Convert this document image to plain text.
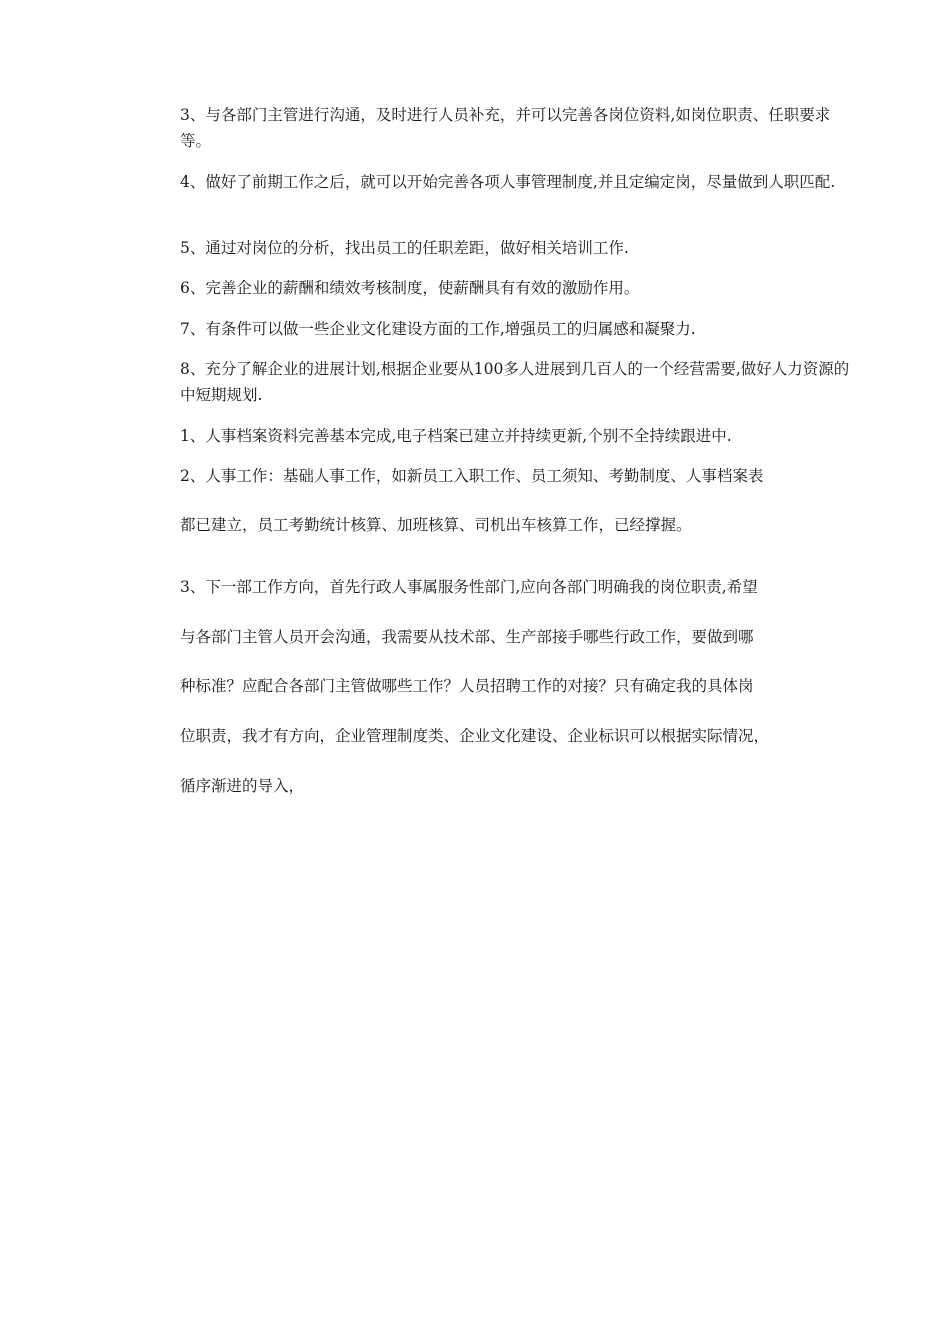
3、与各部门主管进行沟通，及时进行人员补充，并可以完善各岗位资料,如岗位职责、任职要求等。

4、做好了前期工作之后，就可以开始完善各项人事管理制度,并且定编定岗，尽量做到人职匹配.

5、通过对岗位的分析，找出员工的任职差距，做好相关培训工作.

6、完善企业的薪酬和绩效考核制度，使薪酬具有有效的激励作用。

7、有条件可以做一些企业文化建设方面的工作,增强员工的归属感和凝聚力.

8、充分了解企业的进展计划,根据企业要从100多人进展到几百人的一个经营需要,做好人力资源的中短期规划.

1、人事档案资料完善基本完成,电子档案已建立并持续更新,个别不全持续跟进中.

2、人事工作：基础人事工作，如新员工入职工作、员工须知、考勤制度、人事档案表

都已建立，员工考勤统计核算、加班核算、司机出车核算工作，已经撑握。

3、下一部工作方向，首先行政人事属服务性部门,应向各部门明确我的岗位职责,希望

与各部门主管人员开会沟通，我需要从技术部、生产部接手哪些行政工作，要做到哪

种标准？应配合各部门主管做哪些工作？人员招聘工作的对接？只有确定我的具体岗

位职责，我才有方向，企业管理制度类、企业文化建设、企业标识可以根据实际情况，

循序渐进的导入，
